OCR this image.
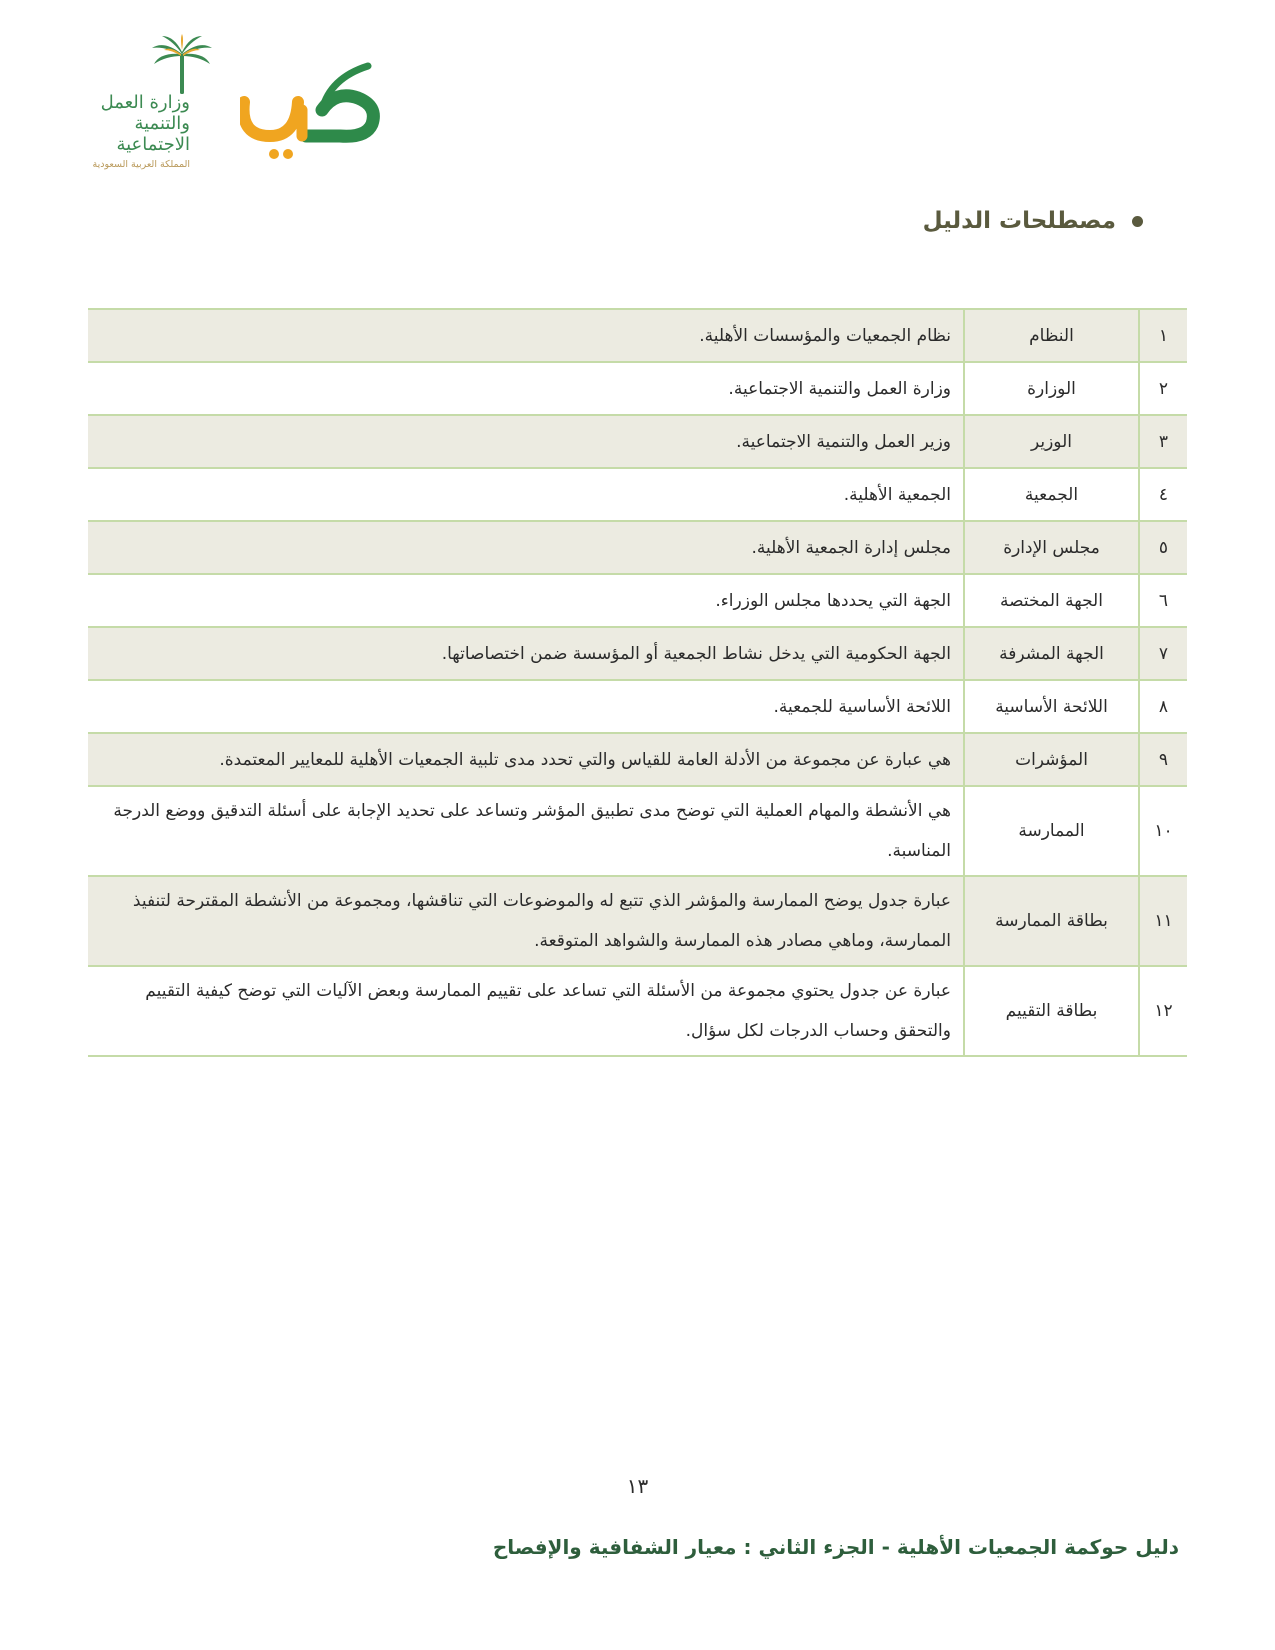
وزارة العمل
والتنمية الاجتماعية
المملكة العربية السعودية
مصطلحات الدليل
١	النظام	نظام الجمعيات والمؤسسات الأهلية.
٢	الوزارة	وزارة العمل والتنمية الاجتماعية.
٣	الوزير	وزير العمل والتنمية الاجتماعية.
٤	الجمعية	الجمعية الأهلية.
٥	مجلس الإدارة	مجلس إدارة الجمعية الأهلية.
٦	الجهة المختصة	الجهة التي يحددها مجلس الوزراء.
٧	الجهة المشرفة	الجهة الحكومية التي يدخل نشاط الجمعية أو المؤسسة ضمن اختصاصاتها.
٨	اللائحة الأساسية	اللائحة الأساسية للجمعية.
٩	المؤشرات	هي عبارة عن مجموعة من الأدلة العامة للقياس والتي تحدد مدى تلبية الجمعيات الأهلية للمعايير المعتمدة.
١٠	الممارسة	هي الأنشطة والمهام العملية التي توضح مدى تطبيق المؤشر وتساعد على تحديد الإجابة على أسئلة التدقيق ووضع الدرجة المناسبة.
١١	بطاقة الممارسة	عبارة جدول يوضح الممارسة والمؤشر الذي تتبع له والموضوعات التي تناقشها، ومجموعة من الأنشطة المقترحة لتنفيذ الممارسة، وماهي مصادر هذه الممارسة والشواهد المتوقعة.
١٢	بطاقة التقييم	عبارة عن جدول يحتوي مجموعة من الأسئلة التي تساعد على تقييم الممارسة وبعض الآليات التي توضح كيفية التقييم والتحقق وحساب الدرجات لكل سؤال.
١٣
دليل حوكمة الجمعيات الأهلية - الجزء الثاني : معيار الشفافية والإفصاح
